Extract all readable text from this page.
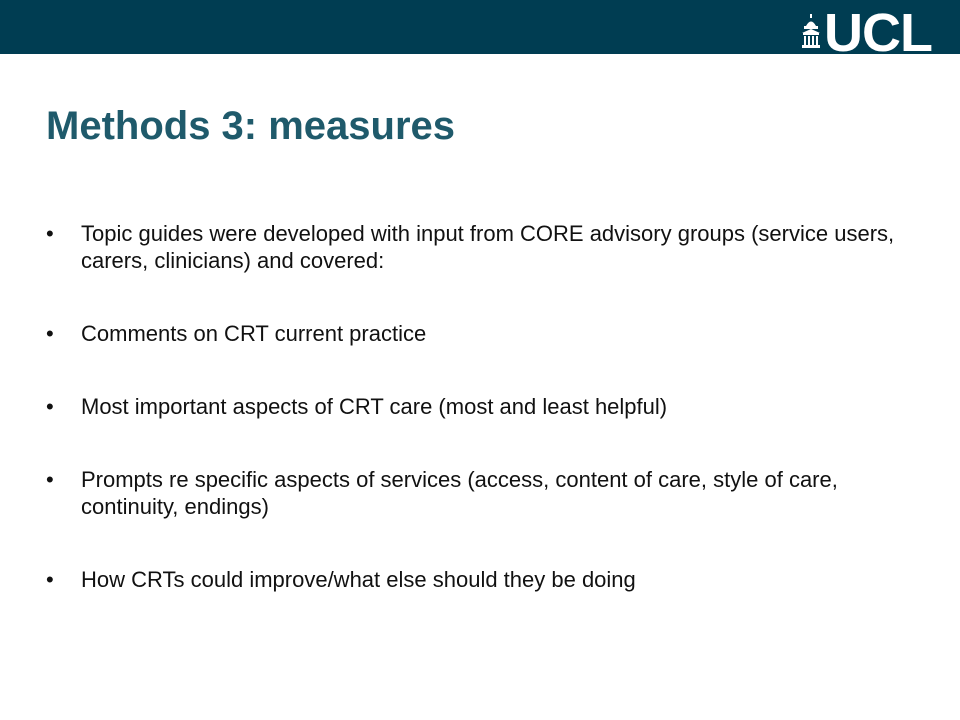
UCL
Methods 3: measures
• Topic guides were developed with input from CORE advisory groups (service users, carers, clinicians) and covered:
• Comments on CRT current practice
• Most important aspects of CRT care (most and least helpful)
• Prompts re specific aspects of services (access, content of care, style of care, continuity, endings)
• How CRTs could improve/what else should they be doing
